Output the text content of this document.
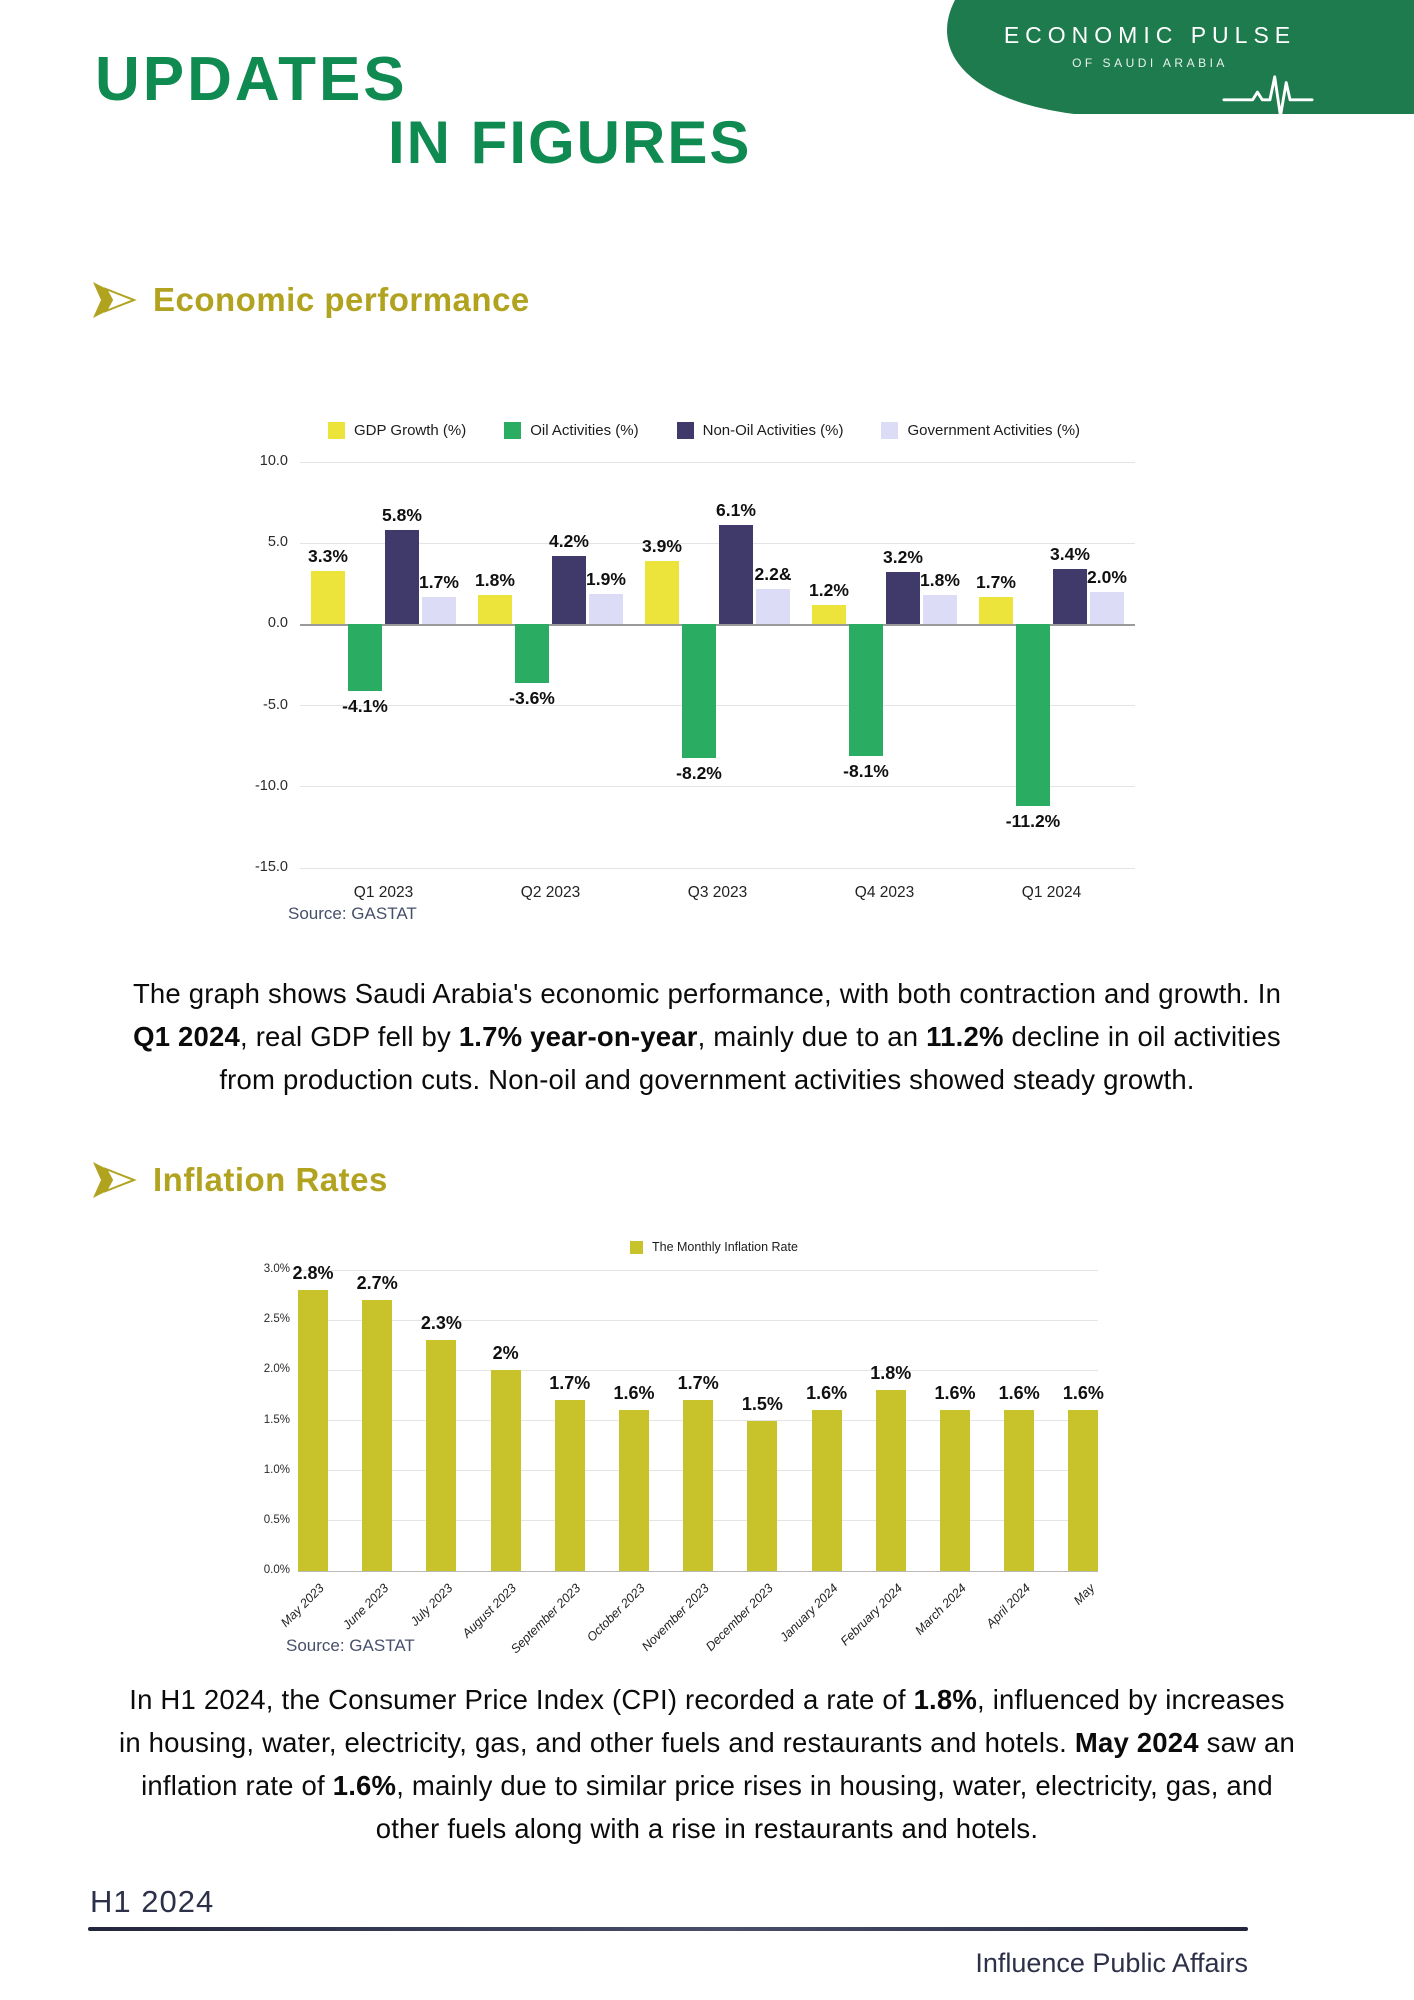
ECONOMIC PULSE
OF SAUDI ARABIA
UPDATES
IN FIGURES
Economic performance
GDP Growth (%)	Oil Activities (%)	Non-Oil Activities (%)	Government Activities (%)
10.0
5.0
0.0
-5.0
-10.0
-15.0
3.3%
-4.1%
5.8%
1.7%
Q1 2023
1.8%
-3.6%
4.2%
1.9%
Q2 2023
3.9%
-8.2%
6.1%
2.2&
Q3 2023
1.2%
-8.1%
3.2%
1.8%
Q4 2023
1.7%
-11.2%
3.4%
2.0%
Q1 2024
Source: GASTAT

The graph shows Saudi Arabia's economic performance, with both contraction and growth. In Q1 2024, real GDP fell by 1.7% year-on-year, mainly due to an 11.2% decline in oil activities from production cuts. Non-oil and government activities showed steady growth.

Inflation Rates
The Monthly Inflation Rate
3.0%
2.5%
2.0%
1.5%
1.0%
0.5%
0.0%
2.8%
May 2023
2.7%
June 2023
2.3%
July 2023
2%
August 2023
1.7%
September 2023
1.6%
October 2023
1.7%
November 2023
1.5%
December 2023
1.6%
January 2024
1.8%
February 2024
1.6%
March 2024
1.6%
April 2024
1.6%
May
Source: GASTAT

In H1 2024, the Consumer Price Index (CPI) recorded a rate of 1.8%, influenced by increases in housing, water, electricity, gas, and other fuels and restaurants and hotels. May 2024 saw an inflation rate of 1.6%, mainly due to similar price rises in housing, water, electricity, gas, and other fuels along with a rise in restaurants and hotels.

H1 2024
Influence Public Affairs
